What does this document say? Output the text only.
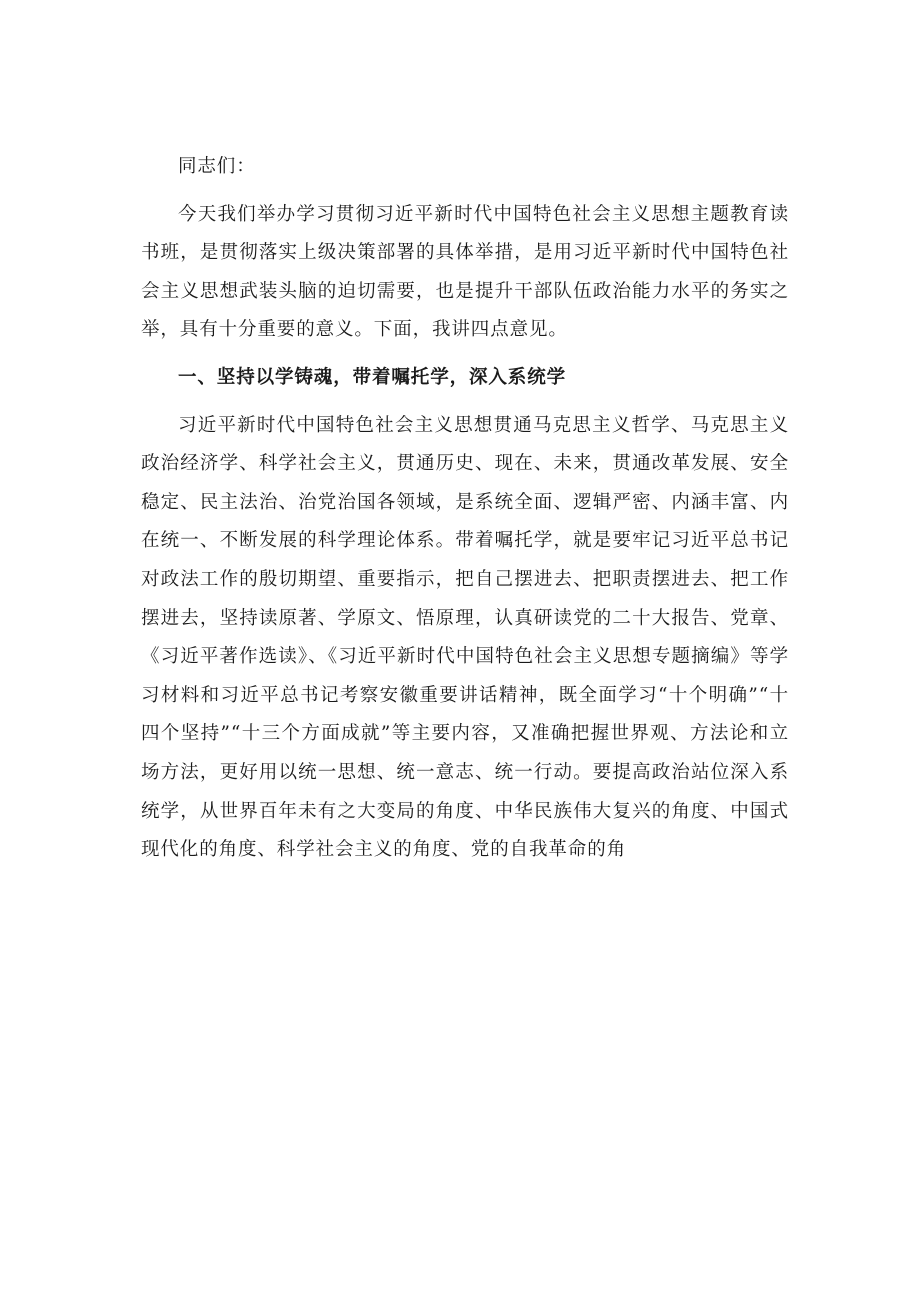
同志们：

今天我们举办学习贯彻习近平新时代中国特色社会主义思想主题教育读书班，是贯彻落实上级决策部署的具体举措，是用习近平新时代中国特色社会主义思想武装头脑的迫切需要，也是提升干部队伍政治能力水平的务实之举，具有十分重要的意义。下面，我讲四点意见。

一、坚持以学铸魂，带着嘱托学，深入系统学

习近平新时代中国特色社会主义思想贯通马克思主义哲学、马克思主义政治经济学、科学社会主义，贯通历史、现在、未来，贯通改革发展、安全稳定、民主法治、治党治国各领域，是系统全面、逻辑严密、内涵丰富、内在统一、不断发展的科学理论体系。带着嘱托学，就是要牢记习近平总书记对政法工作的殷切期望、重要指示，把自己摆进去、把职责摆进去、把工作摆进去，坚持读原著、学原文、悟原理，认真研读党的二十大报告、党章、《习近平著作选读》、《习近平新时代中国特色社会主义思想专题摘编》等学习材料和习近平总书记考察安徽重要讲话精神，既全面学习“十个明确”“十四个坚持”“十三个方面成就”等主要内容，又准确把握世界观、方法论和立场方法，更好用以统一思想、统一意志、统一行动。要提高政治站位深入系统学，从世界百年未有之大变局的角度、中华民族伟大复兴的角度、中国式现代化的角度、科学社会主义的角度、党的自我革命的角
